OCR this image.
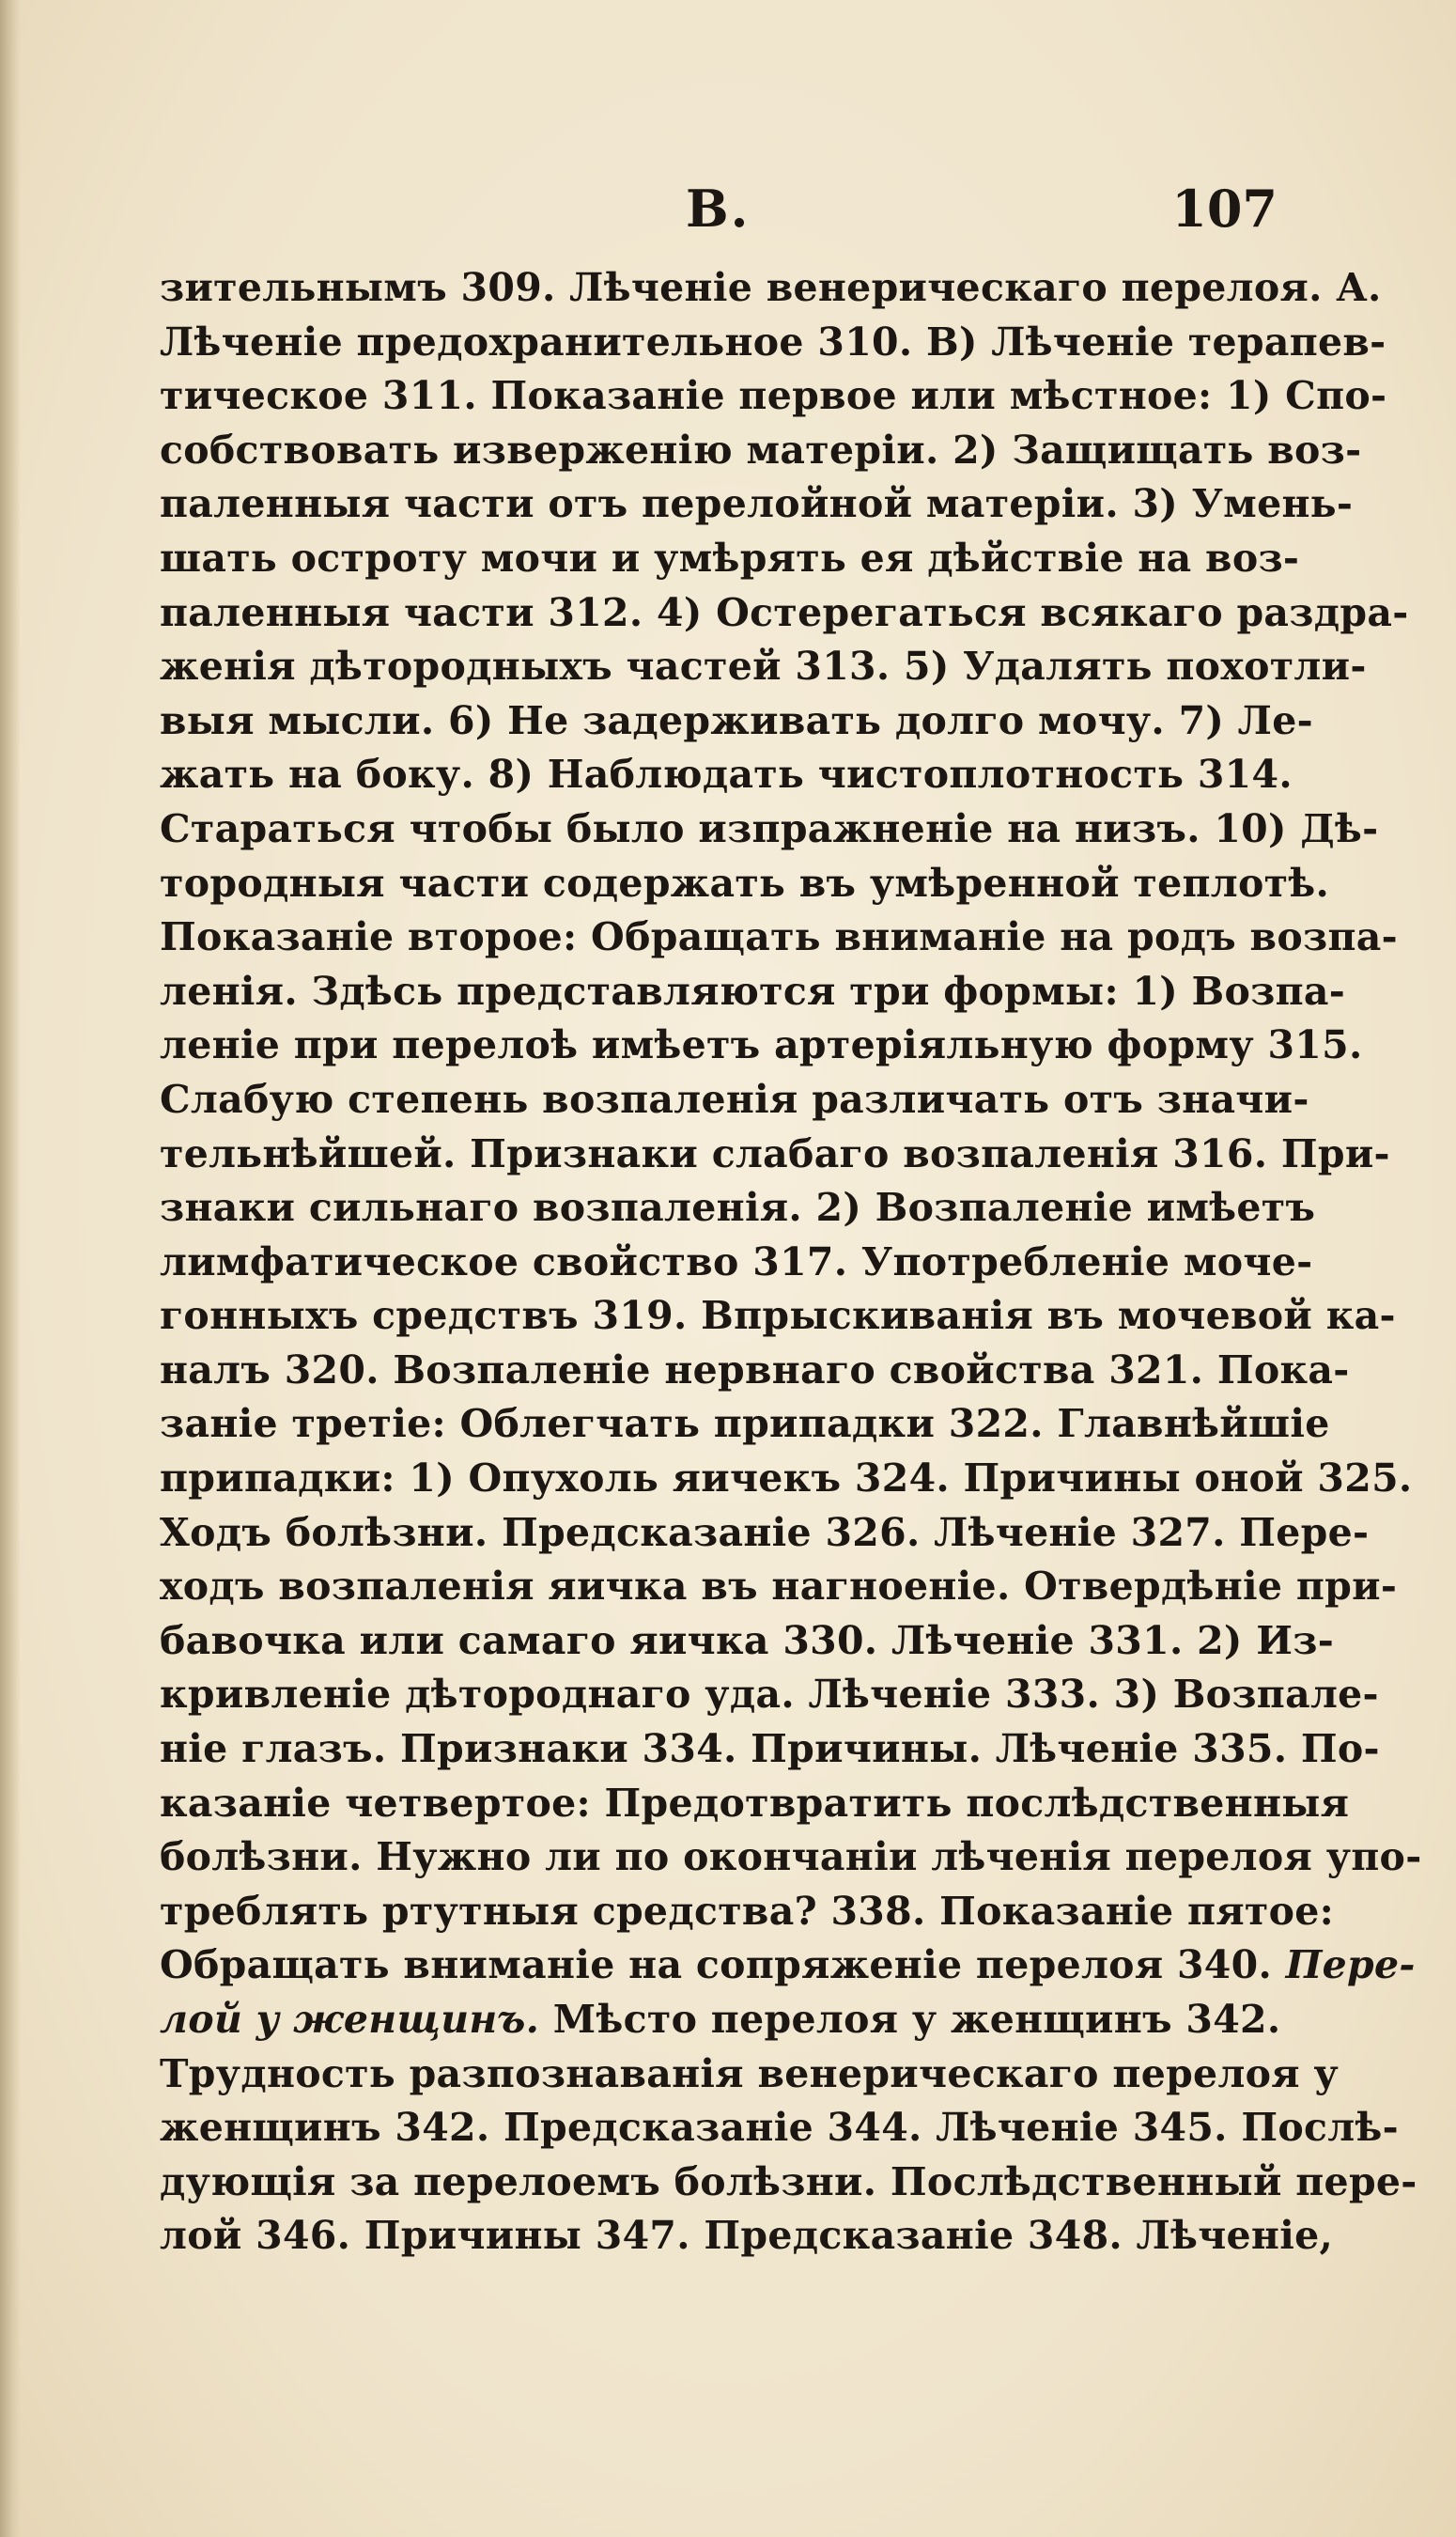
В.	107
зительнымъ 309. Лѣченіе венерическаго перелоя. А.
Лѣченіе предохранительное 310. В) Лѣченіе терапев-
тическое 311. Показаніе первое или мѣстное: 1) Спо-
собствовать изверженію матеріи. 2) Защищать воз-
паленныя части отъ перелойной матеріи. 3) Умень-
шать остроту мочи и умѣрять ея дѣйствіе на воз-
паленныя части 312. 4) Остерегаться всякаго раздра-
женія дѣтородныхъ частей 313. 5) Удалять похотли-
выя мысли. 6) Не задерживать долго мочу. 7) Ле-
жать на боку. 8) Наблюдать чистоплотность 314.
Стараться чтобы было изпражненіе на низъ. 10) Дѣ-
тородныя части содержать въ умѣренной теплотѣ.
Показаніе второе: Обращать вниманіе на родъ возпа-
ленія. Здѣсь представляются три формы: 1) Возпа-
леніе при перелоѣ имѣетъ артеріяльную форму 315.
Слабую степень возпаленія различать отъ значи-
тельнѣйшей. Признаки слабаго возпаленія 316. При-
знаки сильнаго возпаленія. 2) Возпаленіе имѣетъ
лимфатическое свойство 317. Употребленіе моче-
гонныхъ средствъ 319. Впрыскиванія въ мочевой ка-
налъ 320. Возпаленіе нервнаго свойства 321. Пока-
заніе третіе: Облегчать припадки 322. Главнѣйшіе
припадки: 1) Опухоль яичекъ 324. Причины оной 325.
Ходъ болѣзни. Предсказаніе 326. Лѣченіе 327. Пере-
ходъ возпаленія яичка въ нагноеніе. Отвердѣніе при-
бавочка или самаго яичка 330. Лѣченіе 331. 2) Из-
кривленіе дѣтороднаго уда. Лѣченіе 333. 3) Возпале-
ніе глазъ. Признаки 334. Причины. Лѣченіе 335. По-
казаніе четвертое: Предотвратить послѣдственныя
болѣзни. Нужно ли по окончаніи лѣченія перелоя упо-
треблять ртутныя средства? 338. Показаніе пятое:
Обращать вниманіе на сопряженіе перелоя 340. Пере-
лой у женщинъ. Мѣсто перелоя у женщинъ 342.
Трудность разпознаванія венерическаго перелоя у
женщинъ 342. Предсказаніе 344. Лѣченіе 345. Послѣ-
дующія за перелоемъ болѣзни. Послѣдственный пере-
лой 346. Причины 347. Предсказаніе 348. Лѣченіе,
